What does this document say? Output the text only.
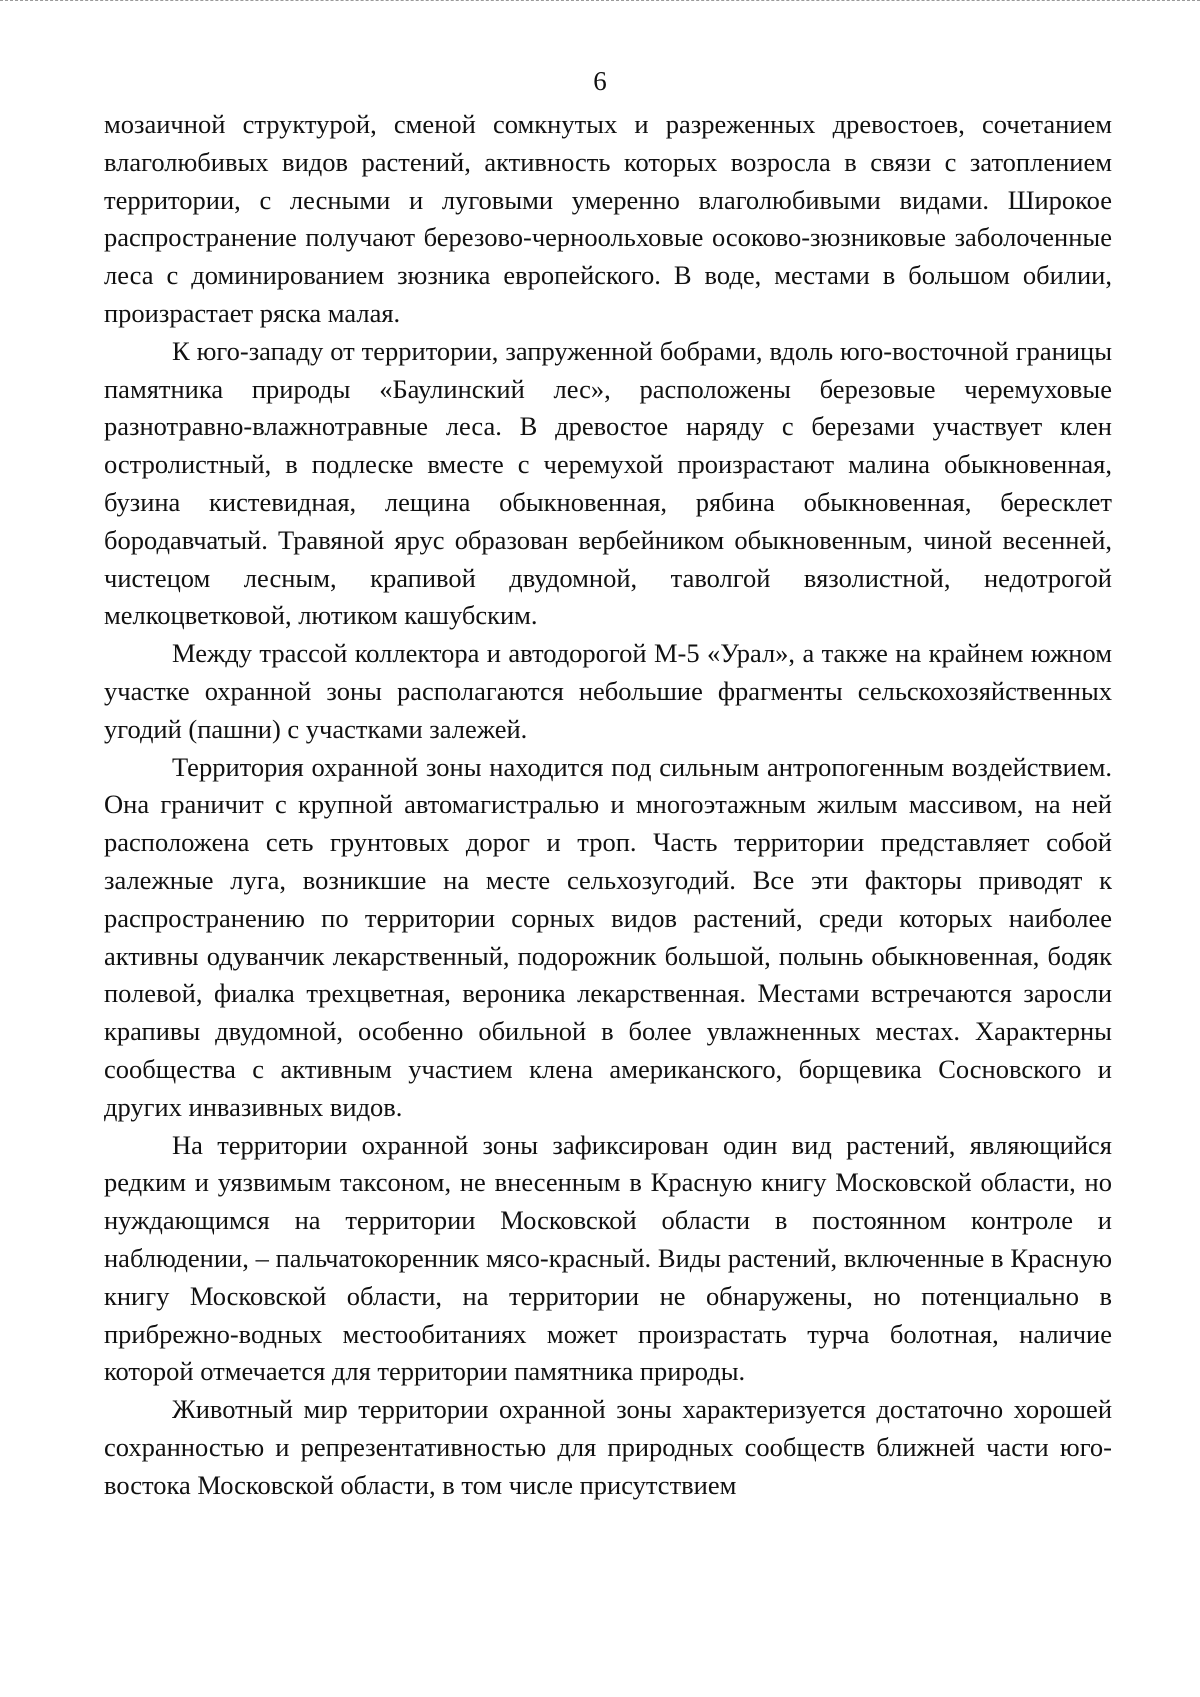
6

мозаичной структурой, сменой сомкнутых и разреженных древостоев, сочетанием влаголюбивых видов растений, активность которых возросла в связи с затоплением территории, с лесными и луговыми умеренно влаголюбивыми видами. Широкое распространение получают березово-черноольховые осоково-зюзниковые заболоченные леса с доминированием зюзника европейского. В воде, местами в большом обилии, произрастает ряска малая.

К юго-западу от территории, запруженной бобрами, вдоль юго-восточной границы памятника природы «Баулинский лес», расположены березовые черемуховые разнотравно-влажнотравные леса. В древостое наряду с березами участвует клен остролистный, в подлеске вместе с черемухой произрастают малина обыкновенная, бузина кистевидная, лещина обыкновенная, рябина обыкновенная, бересклет бородавчатый. Травяной ярус образован вербейником обыкновенным, чиной весенней, чистецом лесным, крапивой двудомной, таволгой вязолистной, недотрогой мелкоцветковой, лютиком кашубским.

Между трассой коллектора и автодорогой М-5 «Урал», а также на крайнем южном участке охранной зоны располагаются небольшие фрагменты сельскохозяйственных угодий (пашни) с участками залежей.

Территория охранной зоны находится под сильным антропогенным воздействием. Она граничит с крупной автомагистралью и многоэтажным жилым массивом, на ней расположена сеть грунтовых дорог и троп. Часть территории представляет собой залежные луга, возникшие на месте сельхозугодий. Все эти факторы приводят к распространению по территории сорных видов растений, среди которых наиболее активны одуванчик лекарственный, подорожник большой, полынь обыкновенная, бодяк полевой, фиалка трехцветная, вероника лекарственная. Местами встречаются заросли крапивы двудомной, особенно обильной в более увлажненных местах. Характерны сообщества с активным участием клена американского, борщевика Сосновского и других инвазивных видов.

На территории охранной зоны зафиксирован один вид растений, являющийся редким и уязвимым таксоном, не внесенным в Красную книгу Московской области, но нуждающимся на территории Московской области в постоянном контроле и наблюдении, – пальчатокоренник мясо-красный. Виды растений, включенные в Красную книгу Московской области, на территории не обнаружены, но потенциально в прибрежно-водных местообитаниях может произрастать турча болотная, наличие которой отмечается для территории памятника природы.

Животный мир территории охранной зоны характеризуется достаточно хорошей сохранностью и репрезентативностью для природных сообществ ближней части юго-востока Московской области, в том числе присутствием
